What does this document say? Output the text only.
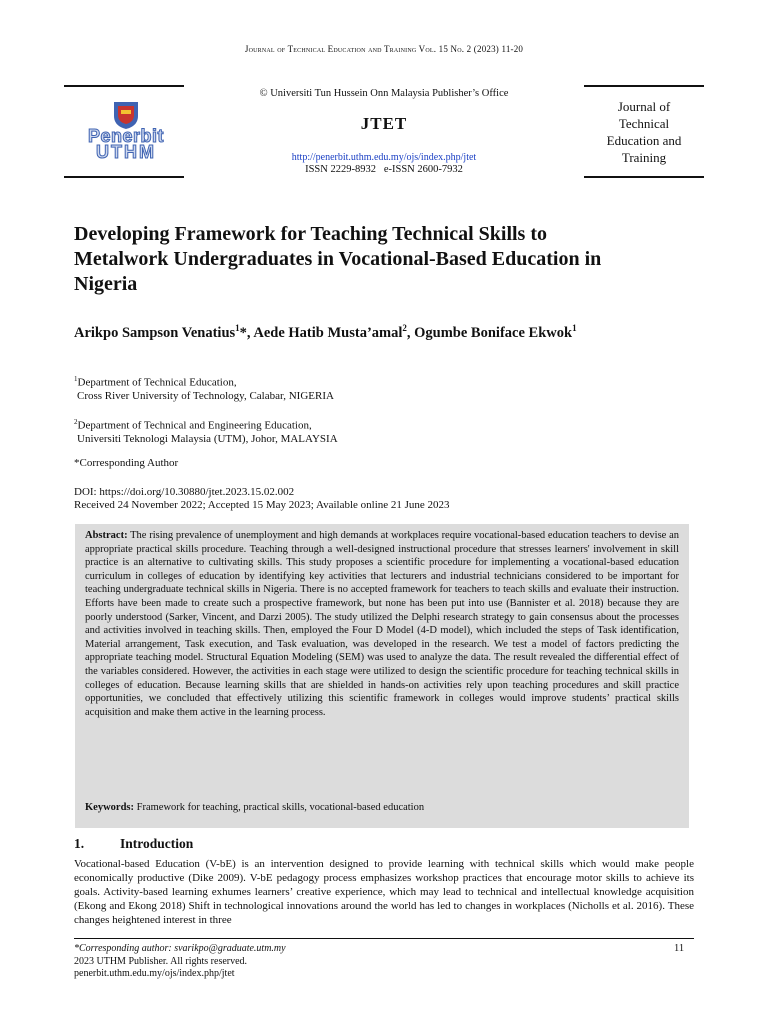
Journal of Technical Education and Training Vol. 15 No. 2 (2023) 11-20
Penerbit
UTHM
© Universiti Tun Hussein Onn Malaysia Publisher’s Office
JTET
http://penerbit.uthm.edu.my/ojs/index.php/jtet
ISSN 2229-8932   e-ISSN 2600-7932
Journal of
Technical
Education and
Training
Developing Framework for Teaching Technical Skills to
Metalwork Undergraduates in Vocational-Based Education in
Nigeria
Arikpo Sampson Venatius$^1$*, Aede Hatib Musta’amal$^2$, Ogumbe Boniface Ekwok$^1$
$^1$Department of Technical Education,
Cross River University of Technology, Calabar, NIGERIA
$^2$Department of Technical and Engineering Education,
Universiti Teknologi Malaysia (UTM), Johor, MALAYSIA
*Corresponding Author
DOI: https://doi.org/10.30880/jtet.2023.15.02.002
Received 24 November 2022; Accepted 15 May 2023; Available online 21 June 2023
Abstract: The rising prevalence of unemployment and high demands at workplaces require vocational-based education teachers to devise an appropriate practical skills procedure. Teaching through a well-designed instructional procedure that stresses learners' involvement in skill practice is an alternative to cultivating skills. This study proposes a scientific procedure for implementing a vocational-based education curriculum in colleges of education by identifying key activities that lecturers and industrial technicians considered to be important for teaching undergraduate technical skills in Nigeria. There is no accepted framework for teachers to teach skills and evaluate their instruction. Efforts have been made to create such a prospective framework, but none has been put into use (Bannister et al. 2018) because they are poorly understood (Sarker, Vincent, and Darzi 2005). The study utilized the Delphi research strategy to gain consensus about the processes and activities involved in teaching skills. Then, employed the Four D Model (4-D model), which included the steps of Task identification, Material arrangement, Task execution, and Task evaluation, was developed in the research. We test a model of factors predicting the appropriate teaching model. Structural Equation Modeling (SEM) was used to analyze the data. The result revealed the differential effect of the variables considered. However, the activities in each stage were utilized to design the scientific procedure for teaching technical skills in colleges of education. Because learning skills that are shielded in hands-on activities rely upon teaching procedures and skill practice opportunities, we concluded that effectively utilizing this scientific framework in colleges would improve students’ practical skills acquisition and make them active in the learning process.
Keywords: Framework for teaching, practical skills, vocational-based education
1.	Introduction
Vocational-based Education (V-bE) is an intervention designed to provide learning with technical skills which would make people economically productive (Dike 2009). V-bE pedagogy process emphasizes workshop practices that encourage motor skills to achieve its goals. Activity-based learning exhumes learners’ creative experience, which may lead to technical and intellectual knowledge acquisition (Ekong and Ekong 2018) Shift in technological innovations around the world has led to changes in workplaces (Nicholls et al. 2016). These changes heightened interest in three
*Corresponding author: svarikpo@graduate.utm.my	11
2023 UTHM Publisher. All rights reserved.
penerbit.uthm.edu.my/ojs/index.php/jtet
